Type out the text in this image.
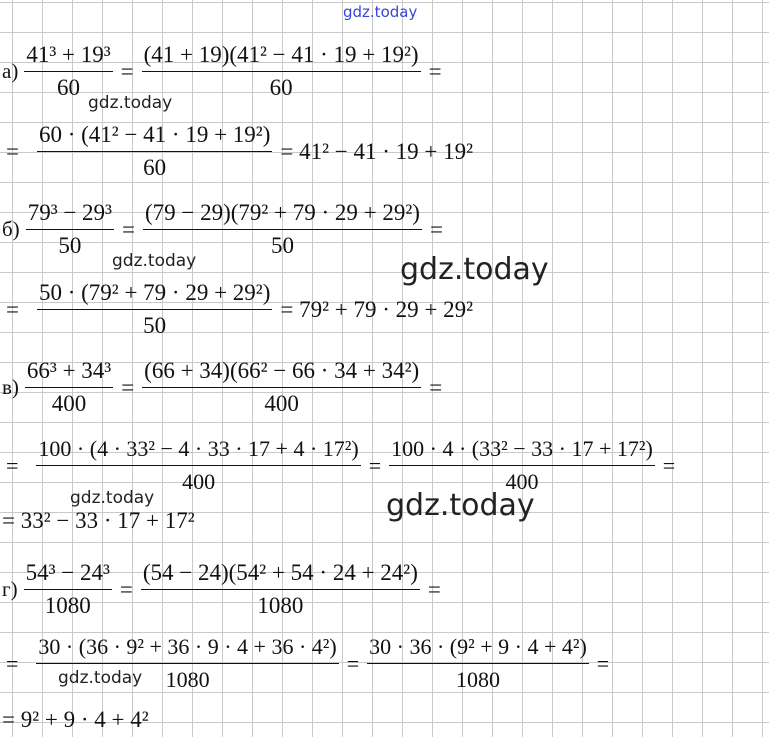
gdz.today
gdz.today
gdz.today	gdz.today
gdz.today	gdz.today
gdz.today
$а) \frac{\text{41³ + 19³}}{60} = \frac{\text{(41 + 19)(41² − 41 · 19 + 19²)}}{60}$ =
= $\frac{\text{60 · (41² − 41 · 19 + 19²)}}{60} = 41^2 - 41 \cdot 19 + 19^2$
$б) \frac{\text{79³ − 29³}}{50} = \frac{\text{(79 − 29)(79² + 79 · 29 + 29²)}}{50}$ =
= $\frac{\text{50 · (79² + 79 · 29 + 29²)}}{50} = 79^2 + 79 \cdot 29 + 29^2$
$в) \frac{\text{66³ + 34³}}{400} = \frac{\text{(66 + 34)(66² − 66 · 34 + 34²)}}{400}$ =
= $\frac{\text{100 · (4 · 33² − 4 · 33 · 17 + 4 · 17²)}}{400} = \frac{\text{100 · 4 · (33² − 33 · 17 + 17²)}}{400}$ =
= 33² − 33 · 17 + 17²
$г) \frac{\text{54³ − 24³}}{1080} = \frac{\text{(54 − 24)(54² + 54 · 24 + 24²)}}{1080}$ =
= $\frac{\text{30 · (36 · 9² + 36 · 9 · 4 + 36 · 4²)}}{1080} = \frac{\text{30 · 36 · (9² + 9 · 4 + 4²)}}{1080}$ =
= 9² + 9 · 4 + 4²
